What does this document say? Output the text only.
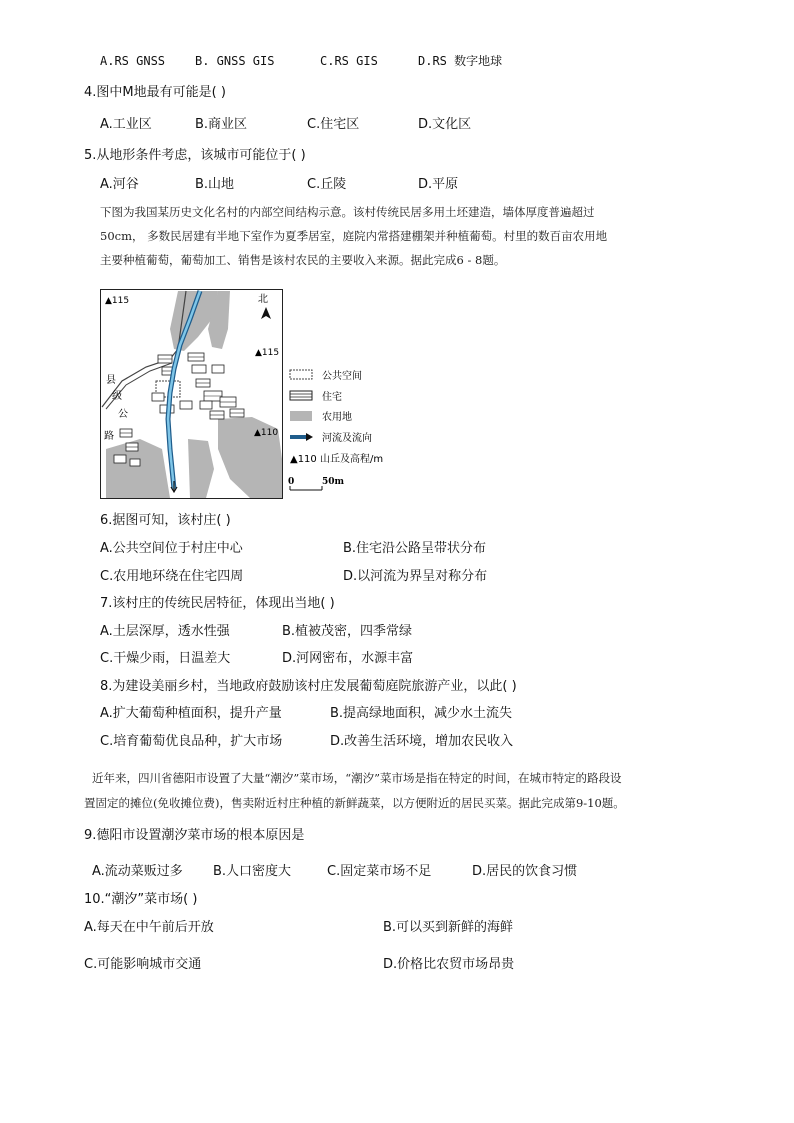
A.RS GNSS B. GNSS GIS	C.RS GIS	D.RS 数字地球
4.图中M地最有可能是( )
A.工业区	B.商业区	C.住宅区	D.文化区
5.从地形条件考虑，该城市可能位于( )
A.河谷	B.山地	C.丘陵	D.平原
下图为我国某历史文化名村的内部空间结构示意。该村传统民居多用土坯建造，墙体厚度普遍超过
50cm， 多数民居建有半地下室作为夏季居室，庭院内常搭建棚架并种植葡萄。村里的数百亩农用地
主要种植葡萄，葡萄加工、销售是该村农民的主要收入来源。据此完成6 - 8题。
▲115
▲115
▲110
北
县
级
公
路
公共空间
住宅
农用地
河流及流向
▲110 山丘及高程/m
0	50m
6.据图可知，该村庄( )
A.公共空间位于村庄中心	B.住宅沿公路呈带状分布
C.农用地环绕在住宅四周	D.以河流为界呈对称分布
7.该村庄的传统民居特征，体现出当地( )
A.土层深厚，透水性强	B.植被茂密，四季常绿
C.干燥少雨，日温差大	D.河网密布，水源丰富
8.为建设美丽乡村，当地政府鼓励该村庄发展葡萄庭院旅游产业，以此( )
A.扩大葡萄种植面积，提升产量	B.提高绿地面积，减少水土流失
C.培育葡萄优良品种，扩大市场	D.改善生活环境，增加农民收入
近年来，四川省德阳市设置了大量“潮汐”菜市场，“潮汐”菜市场是指在特定的时间，在城市特定的路段设
置固定的摊位(免收摊位费)，售卖附近村庄种植的新鲜蔬菜，以方便附近的居民买菜。据此完成第9-10题。
9.德阳市设置潮汐菜市场的根本原因是
A.流动菜贩过多 B.人口密度大	C.固定菜市场不足	D.居民的饮食习惯
10.“潮汐”菜市场( )
A.每天在中午前后开放	B.可以买到新鲜的海鲜
C.可能影响城市交通	D.价格比农贸市场昂贵
